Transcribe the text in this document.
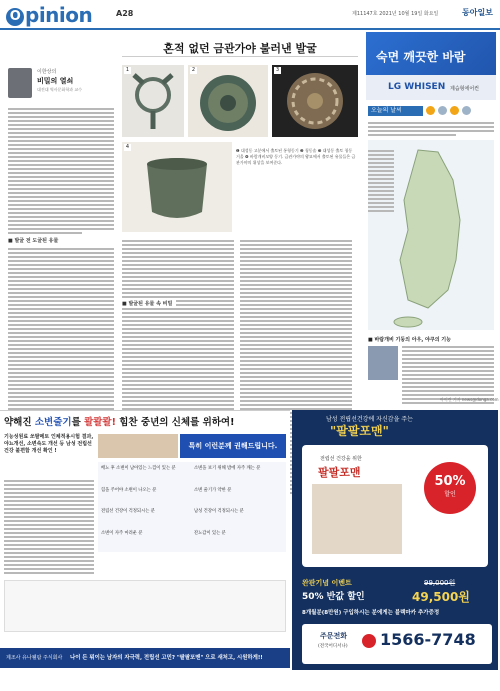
O pinion	A28	제11147호 2021년 10월 19일 화요일	동아일보
혼적 없던 금관가야 불러낸 발굴
이한상의
비밀의 열쇠
대전대 역사문화학과 교수
■ 발굴 전 도굴된 유물
1	2	3
4
❶ 대성동 고분에서 출토된 통형동기 ❷ 청동솥 ❸ 대성동 출토 청동거울 ❹ 바람개비모양 동기. 금관가야의 왕묘에서 출토된 유물들은 금관가야의 위상을 보여준다.
■ 발굴된 유물 속 비밀
숙면 깨끗한 바람
LG WHISEN 제습형에어컨
오늘의 날씨
■ 바람개비 기둥의 아우, 야쿠의 기능
아이린 기자 news@donga.com
약해진 소변줄기를 콸콸콸! 힘찬 중년의 신체를 위하여!
기능성원료 쏘팔메토 인체적용시험 결과, 야뇨개선, 소변속도 개선 등 남성 전립선 건강 불편함 개선 확인 !
특히 이런분께 권해드립니다.
배뇨 후 소변이 남아있는 느낌이 있는 분	소변을 보기 위해 밤에 자주 깨는 분
힘을 주어야 소변이 나오는 분	소변 줄기가 약한 분
전립선 건강이 걱정되시는 분	남성 건강이 걱정되시는 분
소변이 자주 마려운 분	잔뇨감이 있는 분
제조사 유나웰팜 주식회사 나이 든 뭐이는 남자의 자극력, 전립선 고민? "팔팔포맨" 으로 새처고, 시원하게!!
남성 전립선건강에 자신감을 주는
"팔팔포맨"
전립선 건강을 위한
팔팔포맨
50%
할인
완판기념 이벤트
50% 반값 할인
99,000원
49,500원
8개월분(8만원) 구입하시는 분에게는 블랙마카 추가증정
주문전화
(전국어디서나) 1566-7748
